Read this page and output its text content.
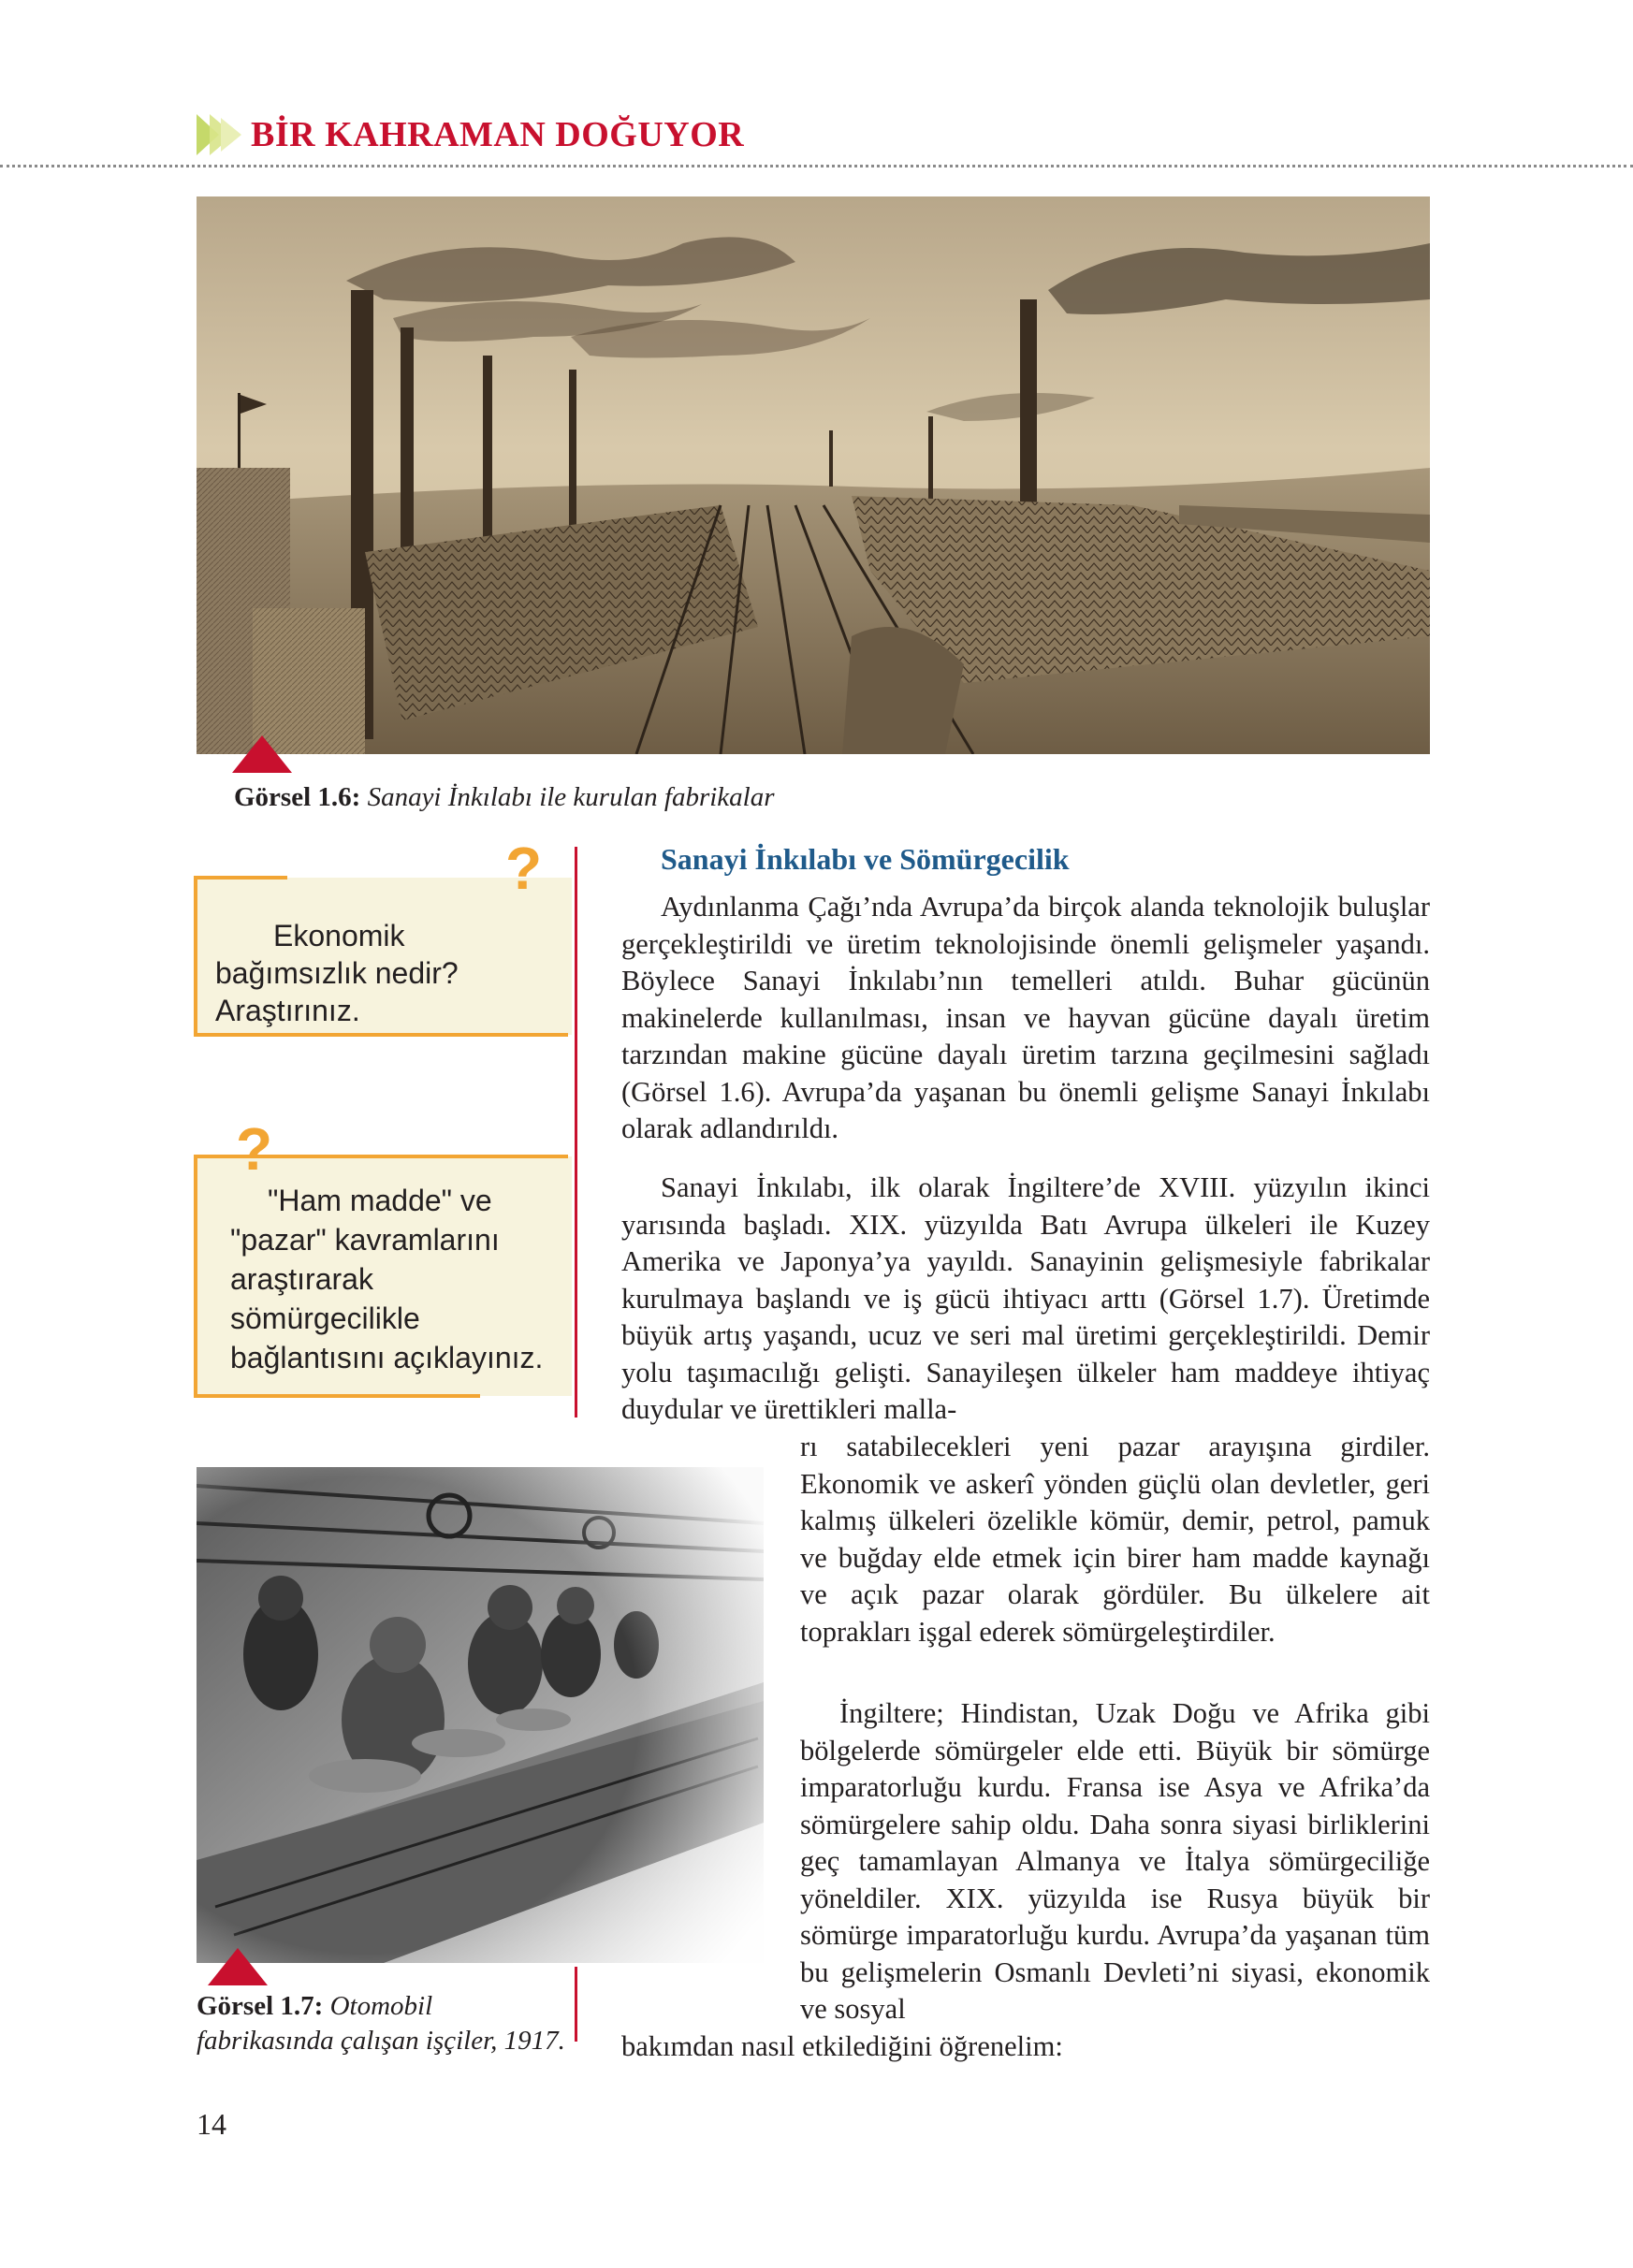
BİR KAHRAMAN DOĞUYOR
Görsel 1.6: Sanayi İnkılabı ile kurulan fabrikalar
?
Ekonomik bağımsızlık nedir? Araştırınız.
?
"Ham madde" ve "pazar" kavramlarını araştırarak sömürgecilikle bağlantısını açıklayınız.
Sanayi İnkılabı ve Sömürgecilik
Aydınlanma Çağı’nda Avrupa’da birçok alanda teknolojik buluşlar gerçekleştirildi ve üretim teknolojisinde önemli gelişmeler yaşandı. Böylece Sanayi İnkılabı’nın temelleri atıldı. Buhar gücünün makinelerde kullanılması, insan ve hayvan gücüne dayalı üretim tarzından makine gücüne dayalı üretim tarzına geçilmesini sağladı (Görsel 1.6). Avrupa’da yaşanan bu önemli gelişme Sanayi İnkılabı olarak adlandırıldı.
Sanayi İnkılabı, ilk olarak İngiltere’de XVIII. yüzyılın ikinci yarısında başladı. XIX. yüzyılda Batı Avrupa ülkeleri ile Kuzey Amerika ve Japonya’ya yayıldı. Sanayinin gelişmesiyle fabrikalar kurulmaya başlandı ve iş gücü ihtiyacı arttı (Görsel 1.7). Üretimde büyük artış yaşandı, ucuz ve seri mal üretimi gerçekleştirildi. Demir yolu taşımacılığı gelişti. Sanayileşen ülkeler ham maddeye ihtiyaç duydular ve ürettikleri malla-
rı satabilecekleri yeni pazar arayışına girdiler. Ekonomik ve askerî yönden güçlü olan devletler, geri kalmış ülkeleri özelikle kömür, demir, petrol, pamuk ve buğday elde etmek için birer ham madde kaynağı ve açık pazar olarak gördüler. Bu ülkelere ait toprakları işgal ederek sömürgeleştirdiler.
İngiltere; Hindistan, Uzak Doğu ve Afrika gibi bölgelerde sömürgeler elde etti. Büyük bir sömürge imparatorluğu kurdu. Fransa ise Asya ve Afrika’da sömürgelere sahip oldu. Daha sonra siyasi birliklerini geç tamamlayan Almanya ve İtalya sömürgeciliğe yöneldiler. XIX. yüzyılda ise Rusya büyük bir sömürge imparatorluğu kurdu. Avrupa’da yaşanan tüm bu gelişmelerin Osmanlı Devleti’ni siyasi, ekonomik ve sosyal
bakımdan nasıl etkilediğini öğrenelim:
Görsel 1.7: Otomobil fabrikasında çalışan işçiler, 1917.
14
